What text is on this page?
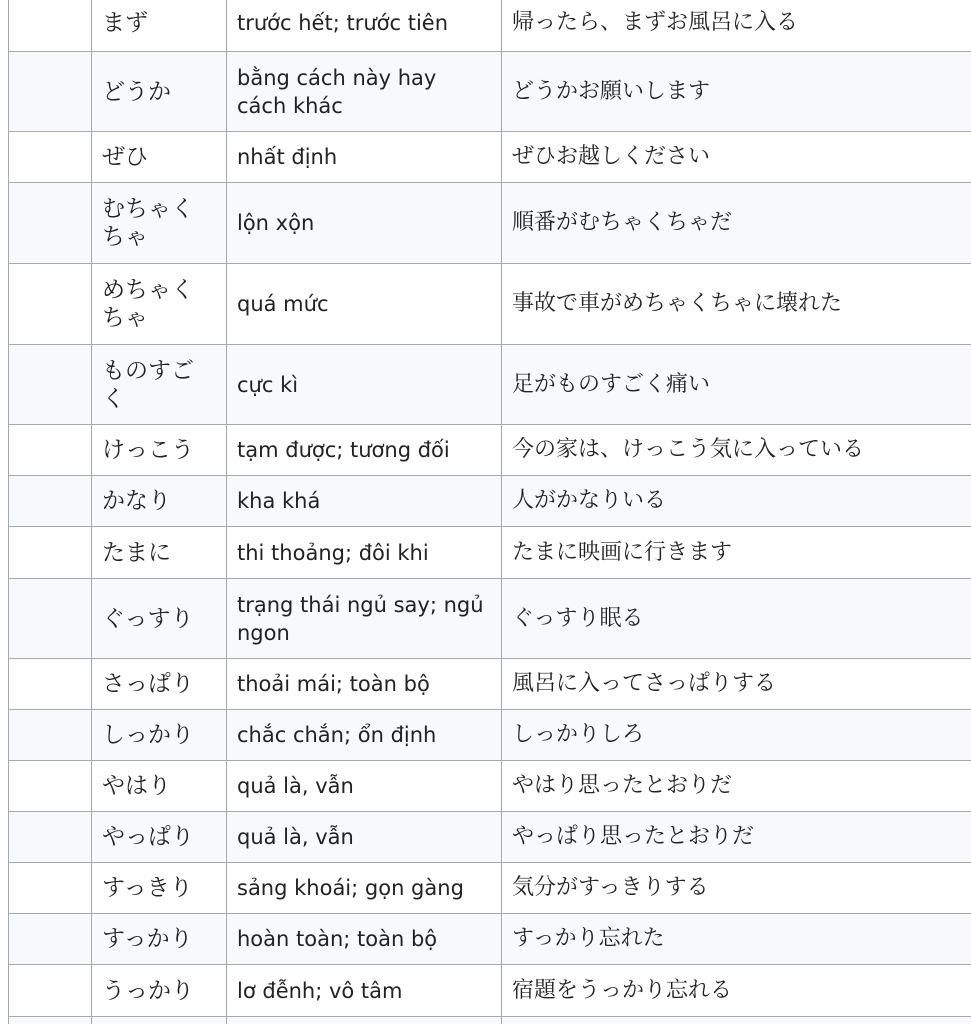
	まず	trước hết; trước tiên	帰ったら、まずお風呂に入る
	どうか	bằng cách này hay cách khác	どうかお願いします
	ぜひ	nhất định	ぜひお越しください
	むちゃくちゃ	lộn xộn	順番がむちゃくちゃだ
	めちゃくちゃ	quá mức	事故で車がめちゃくちゃに壊れた
	ものすごく	cực kì	足がものすごく痛い
	けっこう	tạm được; tương đối	今の家は、けっこう気に入っている
	かなり	kha khá	人がかなりいる
	たまに	thi thoảng; đôi khi	たまに映画に行きます
	ぐっすり	trạng thái ngủ say; ngủ ngon	ぐっすり眠る
	さっぱり	thoải mái; toàn bộ	風呂に入ってさっぱりする
	しっかり	chắc chắn; ổn định	しっかりしろ
	やはり	quả là, vẫn	やはり思ったとおりだ
	やっぱり	quả là, vẫn	やっぱり思ったとおりだ
	すっきり	sảng khoái; gọn gàng	気分がすっきりする
	すっかり	hoàn toàn; toàn bộ	すっかり忘れた
	うっかり	lơ đễnh; vô tâm	宿題をうっかり忘れる
